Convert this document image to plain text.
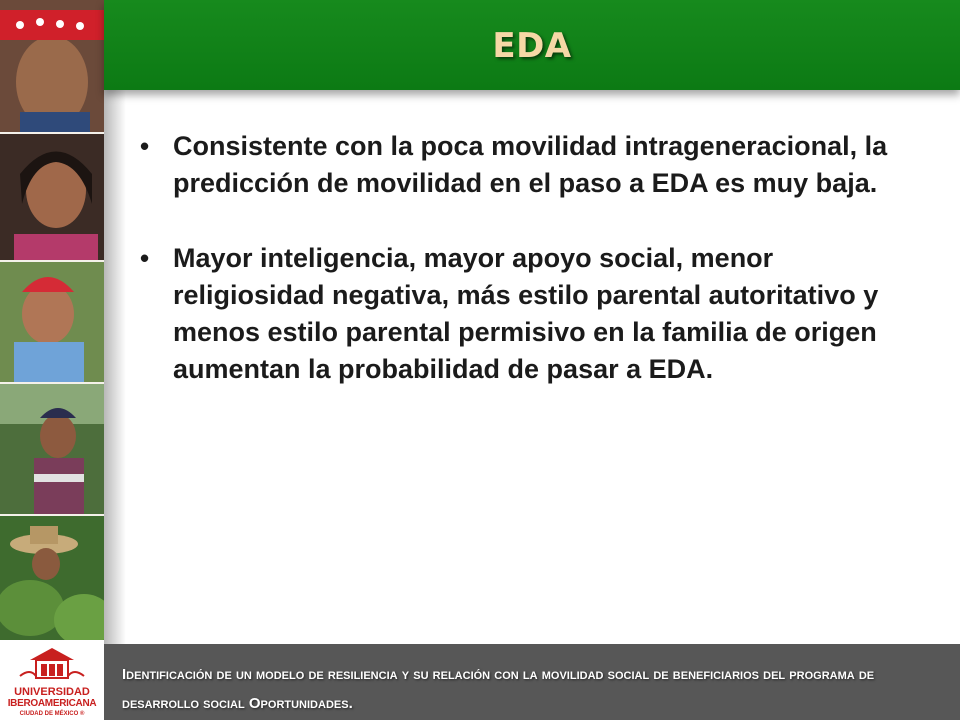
EDA
• Consistente con la poca movilidad intrageneracional, la predicción de movilidad en el paso a EDA es muy baja.
• Mayor inteligencia, mayor apoyo social, menor religiosidad negativa, más estilo parental autoritativo y menos estilo parental permisivo en la familia de origen aumentan la probabilidad de pasar a EDA.
UNIVERSIDAD
IBEROAMERICANA
CIUDAD DE MÉXICO ®
Identificación de un modelo de resiliencia y su relación con la movilidad social de beneficiarios del programa de desarrollo social Oportunidades.
